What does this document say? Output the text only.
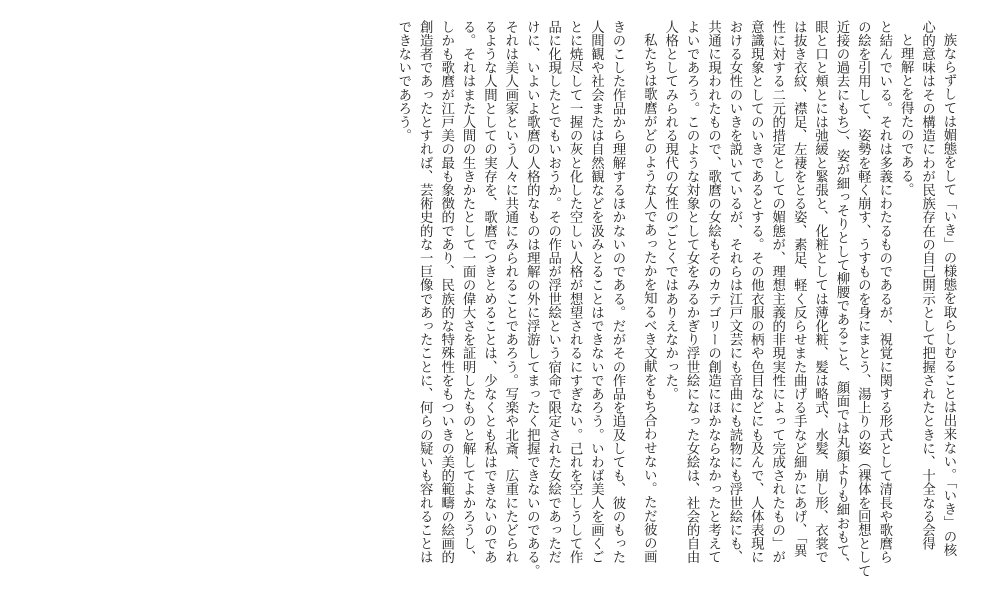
族ならずしては媚態をして「いき」の様態を取らしむることは出来ない。「いき」の核

心的意味はその構造にわが民族存在の自己開示として把握されたときに、十全なる会得

と理解とを得たのである。

と結んでいる。それは多義にわたるものであるが、視覚に関する形式として清長や歌麿ら

の絵を引用して、姿勢を軽く崩す、うすものを身にまとう、湯上りの姿（裸体を回想として

近接の過去にもち）、姿が細っそりとして柳腰であること、顔面では丸顔よりも細おもて、

眼と口と頬とには弛緩と緊張と、化粧としては薄化粧、髪は略式、水髪、崩し形、衣裳で

は抜き衣紋、襟足、左褄をとる姿、素足、軽く反らせまた曲げる手など細かにあげ、「異

性に対する二元的措定としての媚態が、理想主義的非現実性によって完成されたもの」が

意識現象としてのいきであるとする。その他衣服の柄や色目などにも及んで、人体表現に

おける女性のいきを説いているが、それらは江戸文芸にも音曲にも読物にも浮世絵にも、

共通に現われたもので、歌麿の女絵もそのカテゴリーの創造にほかならなかったと考えて

よいであろう。このような対象として女をみるかぎり浮世絵になった女絵は、社会的自由

人格としてみられる現代の女性のごとくではありえなかった。

私たちは歌麿がどのような人であったかを知るべき文献をもち合わせない。ただ彼の画

きのこした作品から理解するほかないのである。だがその作品を追及しても、彼のもった

人間観や社会または自然観などを汲みとることはできないであろう。いわば美人を画くご

とに焼尽して一握の灰と化した空しい人格が想望されるにすぎない。己れを空しうして作

品に化現したとでもいおうか。その作品が浮世絵という宿命で限定された女絵であっただ

けに、いよいよ歌麿の人格的なものは理解の外に浮游してまったく把握できないのである。

それは美人画家という人々に共通にみられることであろう。写楽や北斎、広重にたどられ

るような人間としての実存を、歌麿でつきとめることは、少なくとも私はできないのであ

る。それはまた人間の生きかたとして一面の偉大さを証明したものと解してよかろうし、

しかも歌麿が江戸美の最も象徴的であり、民族的な特殊性をもついきの美的範疇の絵画的

創造者であったとすれば、芸術史的な一巨像であったことに、何らの疑いも容れることは

できないであろう。
